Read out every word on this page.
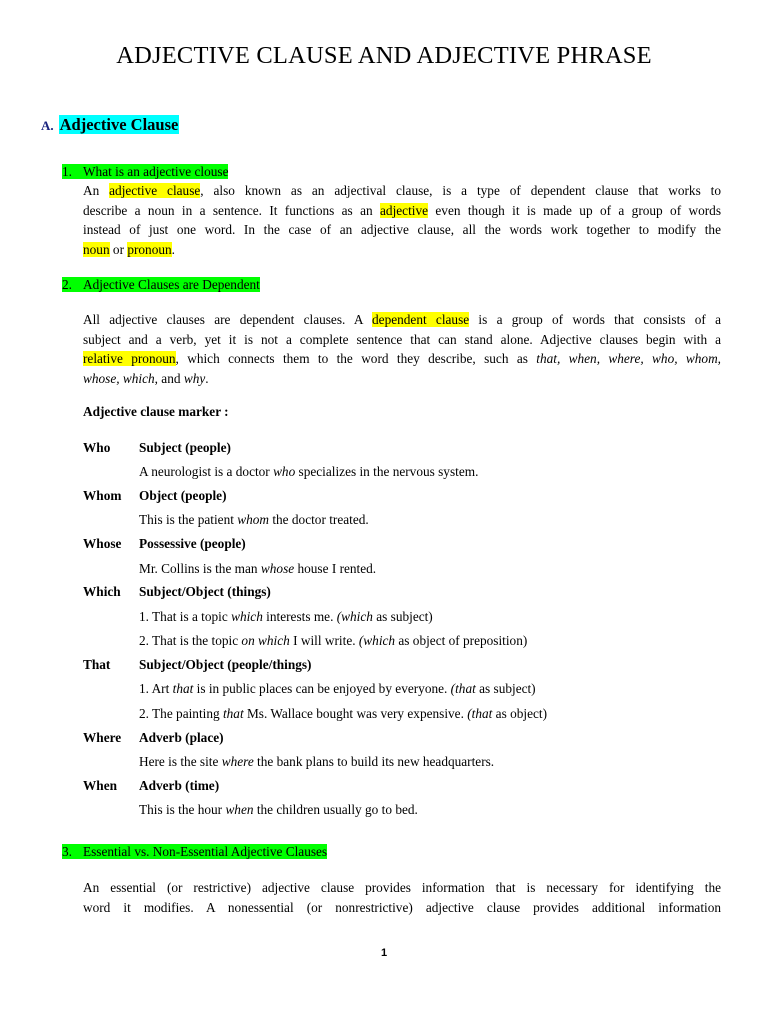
ADJECTIVE CLAUSE AND ADJECTIVE PHRASE
A. Adjective Clause
1. What is an adjective clouse
An adjective clause, also known as an adjectival clause, is a type of dependent clause that works to
describe a noun in a sentence. It functions as an adjective even though it is made up of a group of words
instead of just one word. In the case of an adjective clause, all the words work together to modify the
noun or pronoun.
2. Adjective Clauses are Dependent
All adjective clauses are dependent clauses. A dependent clause is a group of words that consists of a
subject and a verb, yet it is not a complete sentence that can stand alone. Adjective clauses begin with a
relative pronoun, which connects them to the word they describe, such as that, when, where, who, whom,
whose, which, and why.
Adjective clause marker :
Who Subject (people)
A neurologist is a doctor who specializes in the nervous system.
Whom Object (people)
This is the patient whom the doctor treated.
Whose Possessive (people)
Mr. Collins is the man whose house I rented.
Which Subject/Object (things)
1. That is a topic which interests me. (which as subject)
2. That is the topic on which I will write. (which as object of preposition)
That Subject/Object (people/things)
1. Art that is in public places can be enjoyed by everyone. (that as subject)
2. The painting that Ms. Wallace bought was very expensive. (that as object)
Where Adverb (place)
Here is the site where the bank plans to build its new headquarters.
When Adverb (time)
This is the hour when the children usually go to bed.
3. Essential vs. Non-Essential Adjective Clauses
An essential (or restrictive) adjective clause provides information that is necessary for identifying the
word it modifies. A nonessential (or nonrestrictive) adjective clause provides additional information
1
